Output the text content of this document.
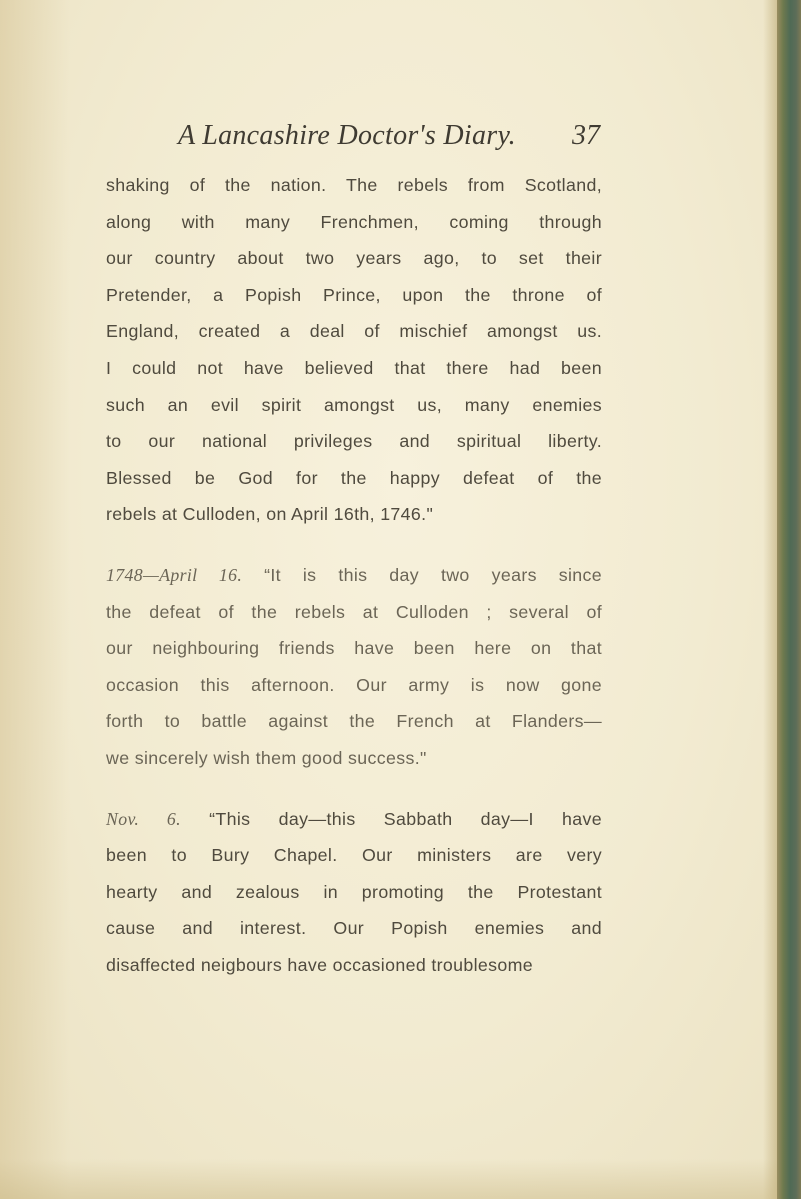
A Lancashire Doctor's Diary. 37
shaking of the nation. The rebels from Scotland,
along with many Frenchmen, coming through
our country about two years ago, to set their
Pretender, a Popish Prince, upon the throne of
England, created a deal of mischief amongst us.
I could not have believed that there had been
such an evil spirit amongst us, many enemies
to our national privileges and spiritual liberty.
Blessed be God for the happy defeat of the
rebels at Culloden, on April 16th, 1746."
1748—April 16. “It is this day two years since
the defeat of the rebels at Culloden ; several of
our neighbouring friends have been here on that
occasion this afternoon. Our army is now gone
forth to battle against the French at Flanders—
we sincerely wish them good success."
Nov. 6. “This day—this Sabbath day—I have
been to Bury Chapel. Our ministers are very
hearty and zealous in promoting the Protestant
cause and interest. Our Popish enemies and
disaffected neigbours have occasioned troublesome
